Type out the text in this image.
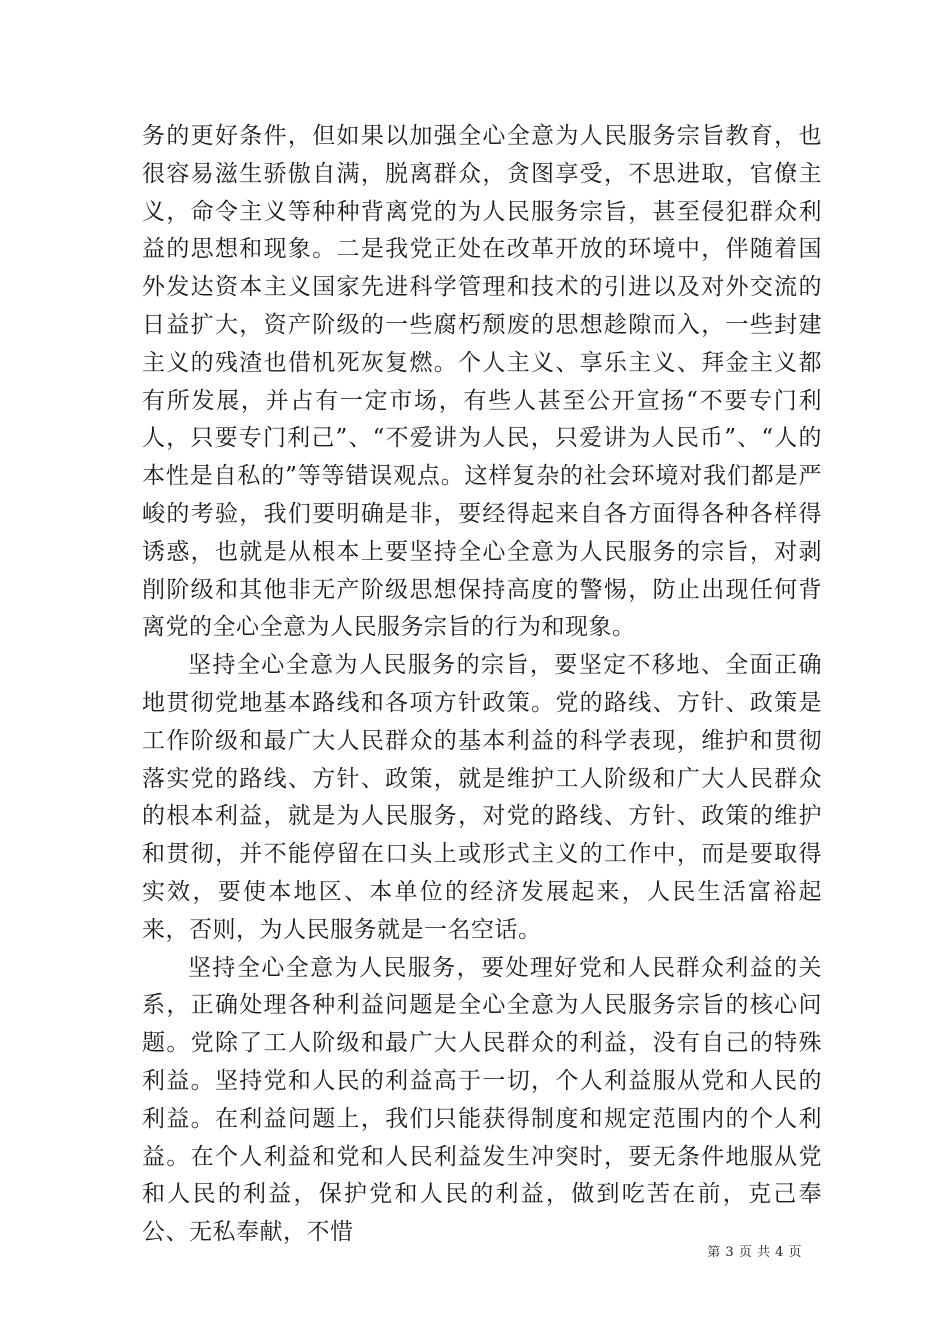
务的更好条件，但如果以加强全心全意为人民服务宗旨教育，也很容易滋生骄傲自满，脱离群众，贪图享受，不思进取，官僚主义，命令主义等种种背离党的为人民服务宗旨，甚至侵犯群众利益的思想和现象。二是我党正处在改革开放的环境中，伴随着国外发达资本主义国家先进科学管理和技术的引进以及对外交流的日益扩大，资产阶级的一些腐朽颓废的思想趁隙而入，一些封建主义的残渣也借机死灰复燃。个人主义、享乐主义、拜金主义都有所发展，并占有一定市场，有些人甚至公开宣扬“不要专门利人，只要专门利己”、“不爱讲为人民，只爱讲为人民币”、“人的本性是自私的”等等错误观点。这样复杂的社会环境对我们都是严峻的考验，我们要明确是非，要经得起来自各方面得各种各样得诱惑，也就是从根本上要坚持全心全意为人民服务的宗旨，对剥削阶级和其他非无产阶级思想保持高度的警惕，防止出现任何背离党的全心全意为人民服务宗旨的行为和现象。

坚持全心全意为人民服务的宗旨，要坚定不移地、全面正确地贯彻党地基本路线和各项方针政策。党的路线、方针、政策是工作阶级和最广大人民群众的基本利益的科学表现，维护和贯彻落实党的路线、方针、政策，就是维护工人阶级和广大人民群众的根本利益，就是为人民服务，对党的路线、方针、政策的维护和贯彻，并不能停留在口头上或形式主义的工作中，而是要取得实效，要使本地区、本单位的经济发展起来，人民生活富裕起来，否则，为人民服务就是一名空话。

坚持全心全意为人民服务，要处理好党和人民群众利益的关系，正确处理各种利益问题是全心全意为人民服务宗旨的核心问题。党除了工人阶级和最广大人民群众的利益，没有自己的特殊利益。坚持党和人民的利益高于一切，个人利益服从党和人民的利益。在利益问题上，我们只能获得制度和规定范围内的个人利益。在个人利益和党和人民利益发生冲突时，要无条件地服从党和人民的利益，保护党和人民的利益，做到吃苦在前，克己奉公、无私奉献，不惜

第 3 页 共 4 页
